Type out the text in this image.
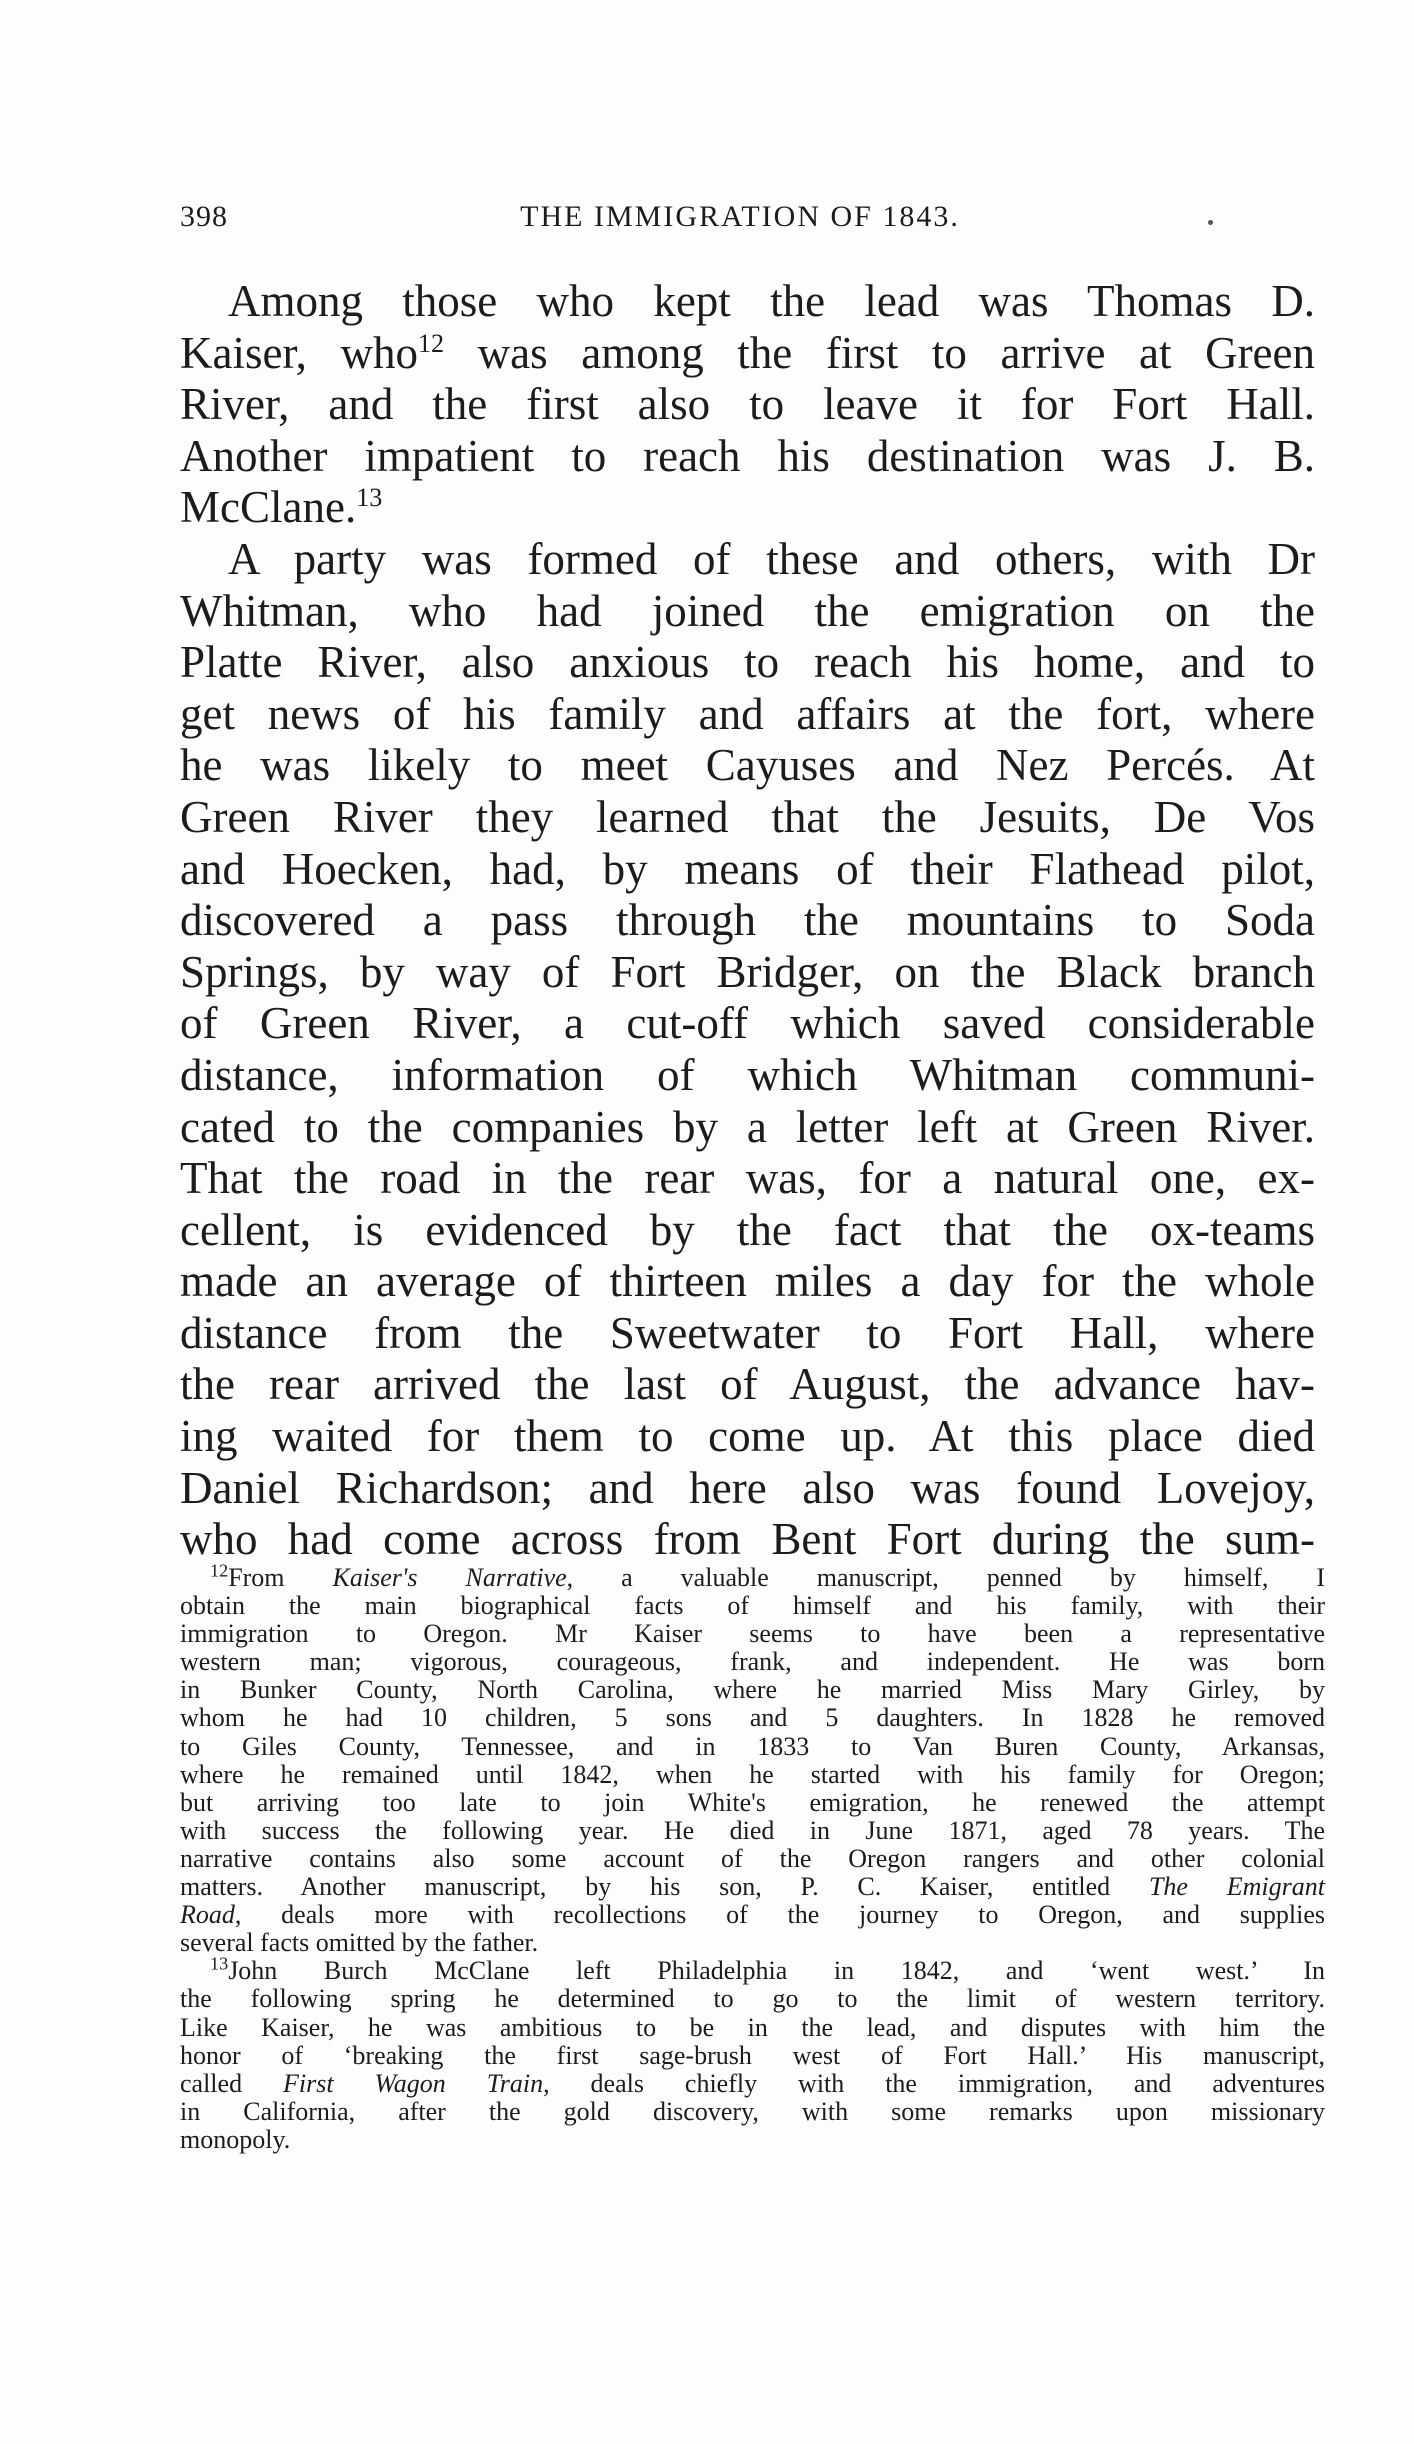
398	THE IMMIGRATION OF 1843.
Among those who kept the lead was Thomas D.
Kaiser, who$^{12}$ was among the first to arrive at Green
River, and the first also to leave it for Fort Hall.
Another impatient to reach his destination was J. B.
McClane.$^{13}$
A party was formed of these and others, with Dr
Whitman, who had joined the emigration on the
Platte River, also anxious to reach his home, and to
get news of his family and affairs at the fort, where
he was likely to meet Cayuses and Nez Percés. At
Green River they learned that the Jesuits, De Vos
and Hoecken, had, by means of their Flathead pilot,
discovered a pass through the mountains to Soda
Springs, by way of Fort Bridger, on the Black branch
of Green River, a cut-off which saved considerable
distance, information of which Whitman communi-
cated to the companies by a letter left at Green River.
That the road in the rear was, for a natural one, ex-
cellent, is evidenced by the fact that the ox-teams
made an average of thirteen miles a day for the whole
distance from the Sweetwater to Fort Hall, where
the rear arrived the last of August, the advance hav-
ing waited for them to come up. At this place died
Daniel Richardson; and here also was found Lovejoy,
who had come across from Bent Fort during the sum-
$^{12}$From Kaiser's Narrative, a valuable manuscript, penned by himself, I
obtain the main biographical facts of himself and his family, with their
immigration to Oregon. Mr Kaiser seems to have been a representative
western man; vigorous, courageous, frank, and independent. He was born
in Bunker County, North Carolina, where he married Miss Mary Girley, by
whom he had 10 children, 5 sons and 5 daughters. In 1828 he removed
to Giles County, Tennessee, and in 1833 to Van Buren County, Arkansas,
where he remained until 1842, when he started with his family for Oregon;
but arriving too late to join White's emigration, he renewed the attempt
with success the following year. He died in June 1871, aged 78 years. The
narrative contains also some account of the Oregon rangers and other colonial
matters. Another manuscript, by his son, P. C. Kaiser, entitled The Emigrant
Road, deals more with recollections of the journey to Oregon, and supplies
several facts omitted by the father.
$^{13}$John Burch McClane left Philadelphia in 1842, and ‘went west.’ In
the following spring he determined to go to the limit of western territory.
Like Kaiser, he was ambitious to be in the lead, and disputes with him the
honor of ‘breaking the first sage-brush west of Fort Hall.’ His manuscript,
called First Wagon Train, deals chiefly with the immigration, and adventures
in California, after the gold discovery, with some remarks upon missionary
monopoly.
